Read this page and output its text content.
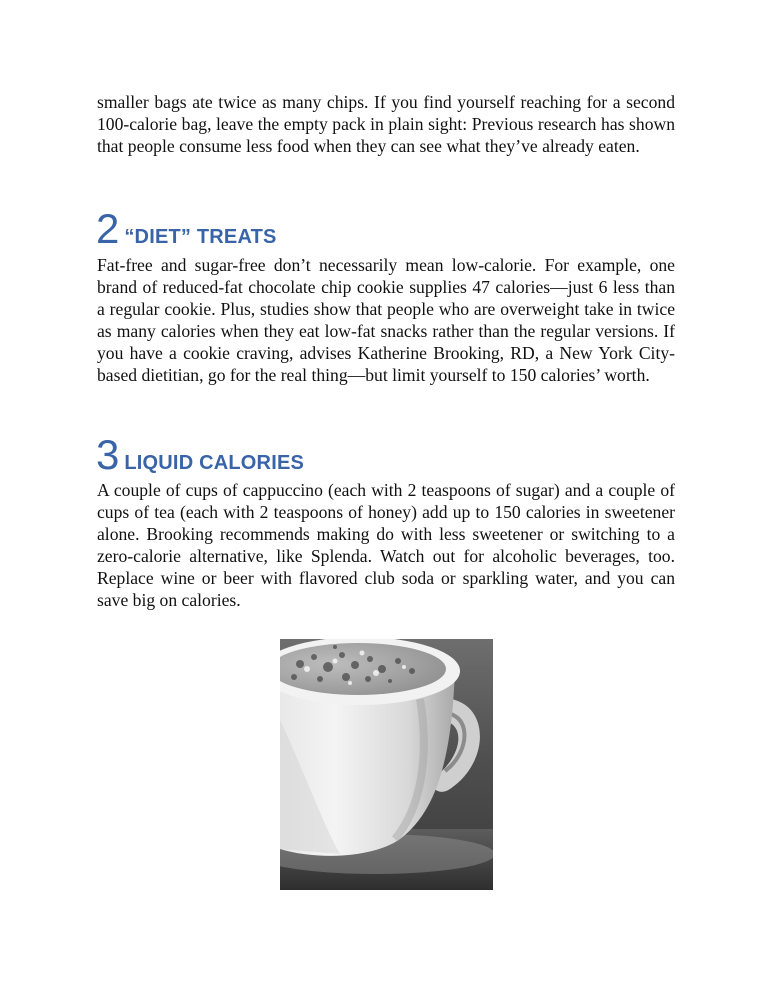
smaller bags ate twice as many chips. If you find yourself reaching for a second 100-calorie bag, leave the empty pack in plain sight: Previous research has shown that people consume less food when they can see what they’ve already eaten.

2 “DIET” TREATS

Fat-free and sugar-free don’t necessarily mean low-calorie. For example, one brand of reduced-fat chocolate chip cookie supplies 47 calories—just 6 less than a regular cookie. Plus, studies show that people who are overweight take in twice as many calories when they eat low-fat snacks rather than the regular versions. If you have a cookie craving, advises Katherine Brooking, RD, a New York City-based dietitian, go for the real thing—but limit yourself to 150 calories’ worth.

3 LIQUID CALORIES

A couple of cups of cappuccino (each with 2 teaspoons of sugar) and a couple of cups of tea (each with 2 teaspoons of honey) add up to 150 calories in sweetener alone. Brooking recommends making do with less sweetener or switching to a zero-calorie alternative, like Splenda. Watch out for alcoholic beverages, too. Replace wine or beer with flavored club soda or sparkling water, and you can save big on calories.
